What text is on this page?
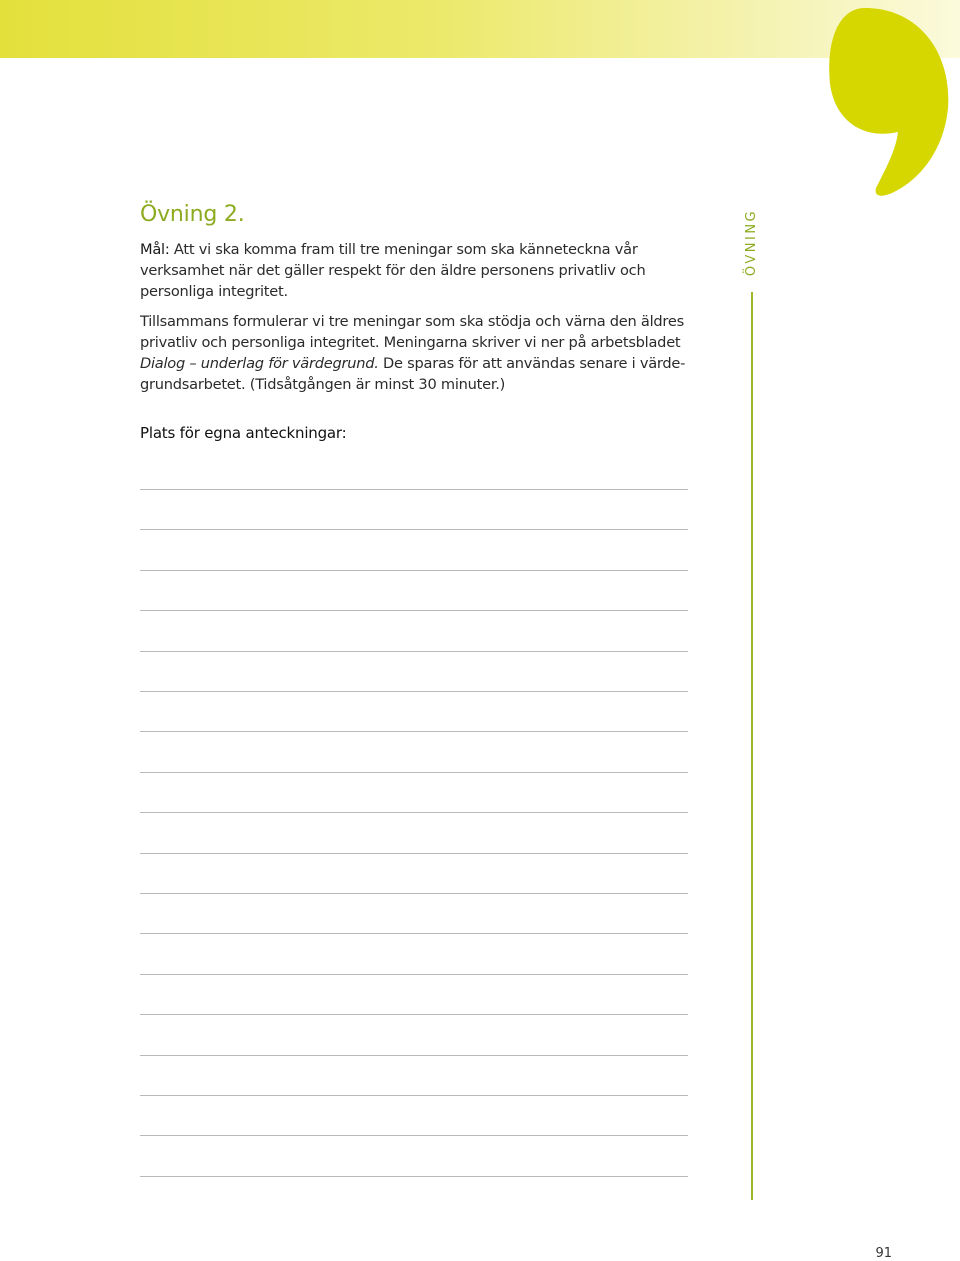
Övning 2.

Mål: Att vi ska komma fram till tre meningar som ska känneteckna vår verksamhet när det gäller respekt för den äldre personens privatliv och personliga integritet.

Tillsammans formulerar vi tre meningar som ska stödja och värna den äldres privatliv och personliga integritet. Meningarna skriver vi ner på arbetsbladet Dialog – underlag för värdegrund. De sparas för att användas senare i värde-grundsarbetet. (Tidsåtgången är minst 30 minuter.)

Plats för egna anteckningar:

ÖVNING

91
